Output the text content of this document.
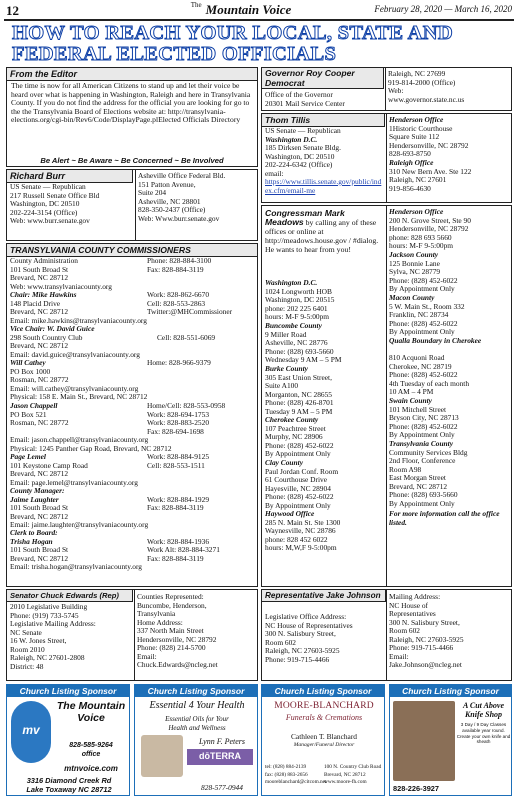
12	$^{The}$ Mountain Voice	February 28, 2020 — March 16, 2020
HOW TO REACH YOUR LOCAL, STATE AND FEDERAL ELECTED OFFICIALS
From the Editor
The time is now for all American Citizens to stand up and let their voice be heard over what is happening in Washington, Raleigh and here in Transylvania County. If you do not find the address for the official you are looking for go to the the Transylvania Board of Elections website at: http://transylvania-elections.org/cgi-bin/Rev6/Code/DisplayPage.plElected Officials Directory
Be Alert ~ Be Aware ~ Be Concerned ~ Be Involved
Richard Burr
US Senate — Republican
217 Russell Senate Office Bld
Washington, DC 20510
202-224-3154 (Office)
Web: www.burr.senate.gov
Asheville Office Federal Bld.
151 Patton Avenue,
Suite 204
Asheville, NC 28801
828-350-2437 (Office)
Web: Www.burr.senate.gov
TRANSYLVANIA COUNTY COMMISSIONERS
County Administration
101 South Broad St
Brevard, NC 28712
Web: www.transylvaniacounty.org
Phone: 828-884-3100
Fax: 828-884-3119
Chair: Mike Hawkins
148 Placid Drive
Brevard, NC 28712
Email: mike.hawkins@transylvaniacounty.org
Work: 828-862-6670
Cell: 828-553-2863
Twitter:@MHCommissioner
Vice Chair: W. David Guice
298 South Country Club
Brevard, NC 28712
Email: david.guice@transylvaniacounty.org
Cell: 828-551-6069
Will Cathey
PO Box 1000
Rosman, NC 28772
Email: will.cathey@transylvaniacounty.org
Physical: 158 E. Main St., Brevard, NC 28712
Home: 828-966-9379
Jason Chappell
PO Box 521
Rosman, NC 28772

Email: jason.chappell@transylvaniacounty.org
Physical: 1245 Panther Gap Road, Brevard, NC 28712
Home/Cell: 828-553-0958
Work: 828-694-1753
Work: 828-883-2520
Fax: 828-694-1698
Page Lemel
101 Keystone Camp Road
Brevard, NC 28712
Email: page.lemel@transylvaniacounty.org
Work: 828-884-9125
Cell: 828-553-1511
County Manager:
Jaime Laughter
101 South Broad St
Brevard, NC 28712
Email: jaime.laughter@transylvaniacounty.org
Work: 828-884-1929
Fax: 828-884-3119
Clerk to Board:
Trisha Hogan
101 South Broad St
Brevard, NC 28712
Email: trisha.hogan@transylvaniacounty.org
Work: 828-884-1936
Work Alt: 828-884-3271
Fax: 828-884-3119
Governor Roy Cooper
Democrat
Office of the Governor
20301 Mail Service Center
Raleigh, NC 27699
919-814-2000 (Office)
Web:
www.governor.state.nc.us
Thom Tillis
US Senate — Republican
Washington D.C.
185 Dirksen Senate Bldg.
Washington, DC 20510
202-224-6342 (Office)
email:
https://www.tillis.senate.gov/public/index.cfm/email-me
Henderson Office
1Historic Courthouse
Square Suite 112
Hendersonville, NC 28792
828-693-8750
Raleigh Office
310 New Bern Ave. Ste 122
Raleigh, NC 27601
919-856-4630
Congressman Mark Meadows by calling any of these offices or online at http://meadows.house.gov / #dialog. He wants to hear from you!
Washington D.C.
1024 Longworth HOB
Washington, DC 20515
phone: 202 225 6401
hours: M-F 9-5:00pm
Buncombe County
9 Miller Road
Asheville, NC 28776
Phone: (828) 693-5660
Wednesday 9 AM – 5 PM
Burke County
305 East Union Street,
Suite A100
Morganton, NC 28655
Phone: (828) 426-8701
Tuesday 9 AM – 5 PM
Cherokee County
107 Peachtree Street
Murphy, NC 28906
Phone: (828) 452-6022
By Appointment Only
Clay County
Paul Jordan Conf. Room
61 Courthouse Drive
Hayesville, NC 28904
Phone: (828) 452-6022
By Appointment Only
Haywood Office
285 N. Main St. Ste 1300
Waynesville, NC 28786
phone: 828 452 6022
hours: M,W,F 9-5:00pm
Henderson Office
200 N. Grove Street, Ste 90
Hendersonville, NC 28792
phone: 828 693 5660
hours: M-F 9-5:00pm
Jackson County
125 Bonnie Lane
Sylva, NC 28779
Phone: (828) 452-6022
By Appointment Only
Macon County
5 W. Main St., Room 332
Franklin, NC 28734
Phone: (828) 452-6022
By Appointment Only
Qualla Boundary in Cherokee
810 Acquoni Road
Cherokee, NC 28719
Phone: (828) 452-6022
4th Tuesday of each month
10 AM – 4 PM
Swain County
101 Mitchell Street
Bryson City, NC 28713
Phone: (828) 452-6022
By Appointment Only
Transylvania County
Community Services Bldg
2nd Floor, Conference
Room A98
East Morgan Street
Brevard, NC 28712
Phone: (828) 693-5660
By Appointment Only
For more information call the office listed.
Senator Chuck Edwards (Rep)
2010 Legislative Building
Phone: (919) 733-5745
Legislative Mailing Address:
NC Senate
16 W. Jones Street,
Room 2010
Raleigh, NC 27601-2808
District: 48
Counties Represented:
Buncombe, Henderson,
Transylvania
Home Address:
337 North Main Street
Hendersonville, NC 28792
Phone: (828) 214-5700
Email:
Chuck.Edwards@ncleg.net
Representative Jake Johnson
Legislative Office Address:
NC House of Representatives
300 N. Salisbury Street,
Room 602
Raleigh, NC 27603-5925
Phone: 919-715-4466
Mailing Address:
NC House of
Representatives
300 N. Salisbury Street,
Room 602
Raleigh, NC 27603-5925
Phone: 919-715-4466
Email:
Jake.Johnson@ncleg.net
Church Listing Sponsor
mv
The Mountain Voice
828-585-9264
office
mtnvoice.com
3316 Diamond Creek Rd
Lake Toxaway NC 28712
Church Listing Sponsor
Essential 4 Your Health
Essential Oils for Your
Health and Wellness
Lynn F. Peters
dōTERRA
828-577-0944
Church Listing Sponsor
MOORE-BLANCHARD
Funerals & Cremations
Cathleen T. Blanchard
Manager/Funeral Director
tel: (828) 884-2139
fax: (828) 883-2656
mooreblanchard@citcom.net
100 N. Country Club Road
Brevard, NC 28712
www.moore-fh.com
Church Listing Sponsor
A Cut Above
Knife Shop
3 Day / 9 Day Classes
available year round.
Create your own knife and
sheath
828-226-3927
